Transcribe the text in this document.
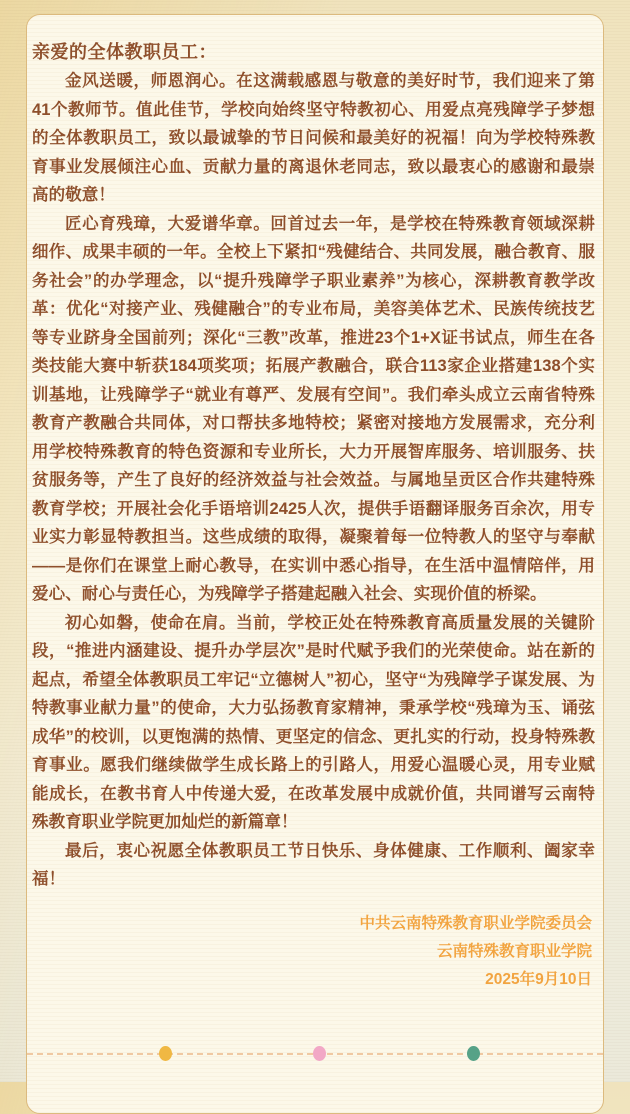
亲爱的全体教职员工：

金风送暖，师恩润心。在这满载感恩与敬意的美好时节，我们迎来了第41个教师节。值此佳节，学校向始终坚守特教初心、用爱点亮残障学子梦想的全体教职员工，致以最诚挚的节日问候和最美好的祝福！向为学校特殊教育事业发展倾注心血、贡献力量的离退休老同志，致以最衷心的感谢和最崇高的敬意！

匠心育残璋，大爱谱华章。回首过去一年，是学校在特殊教育领域深耕细作、成果丰硕的一年。全校上下紧扣“残健结合、共同发展，融合教育、服务社会”的办学理念，以“提升残障学子职业素养”为核心，深耕教育教学改革：优化“对接产业、残健融合”的专业布局，美容美体艺术、民族传统技艺等专业跻身全国前列；深化“三教”改革，推进23个1+X证书试点，师生在各类技能大赛中斩获184项奖项；拓展产教融合，联合113家企业搭建138个实训基地，让残障学子“就业有尊严、发展有空间”。我们牵头成立云南省特殊教育产教融合共同体，对口帮扶多地特校；紧密对接地方发展需求，充分利用学校特殊教育的特色资源和专业所长，大力开展智库服务、培训服务、扶贫服务等，产生了良好的经济效益与社会效益。与属地呈贡区合作共建特殊教育学校；开展社会化手语培训2425人次，提供手语翻译服务百余次，用专业实力彰显特教担当。这些成绩的取得，凝聚着每一位特教人的坚守与奉献——是你们在课堂上耐心教导，在实训中悉心指导，在生活中温情陪伴，用爱心、耐心与责任心，为残障学子搭建起融入社会、实现价值的桥梁。

初心如磐，使命在肩。当前，学校正处在特殊教育高质量发展的关键阶段，“推进内涵建设、提升办学层次”是时代赋予我们的光荣使命。站在新的起点，希望全体教职员工牢记“立德树人”初心，坚守“为残障学子谋发展、为特教事业献力量”的使命，大力弘扬教育家精神，秉承学校“残璋为玉、诵弦成华”的校训，以更饱满的热情、更坚定的信念、更扎实的行动，投身特殊教育事业。愿我们继续做学生成长路上的引路人，用爱心温暖心灵，用专业赋能成长，在教书育人中传递大爱，在改革发展中成就价值，共同谱写云南特殊教育职业学院更加灿烂的新篇章！

最后，衷心祝愿全体教职员工节日快乐、身体健康、工作顺利、阖家幸福！

中共云南特殊教育职业学院委员会
云南特殊教育职业学院
2025年9月10日
